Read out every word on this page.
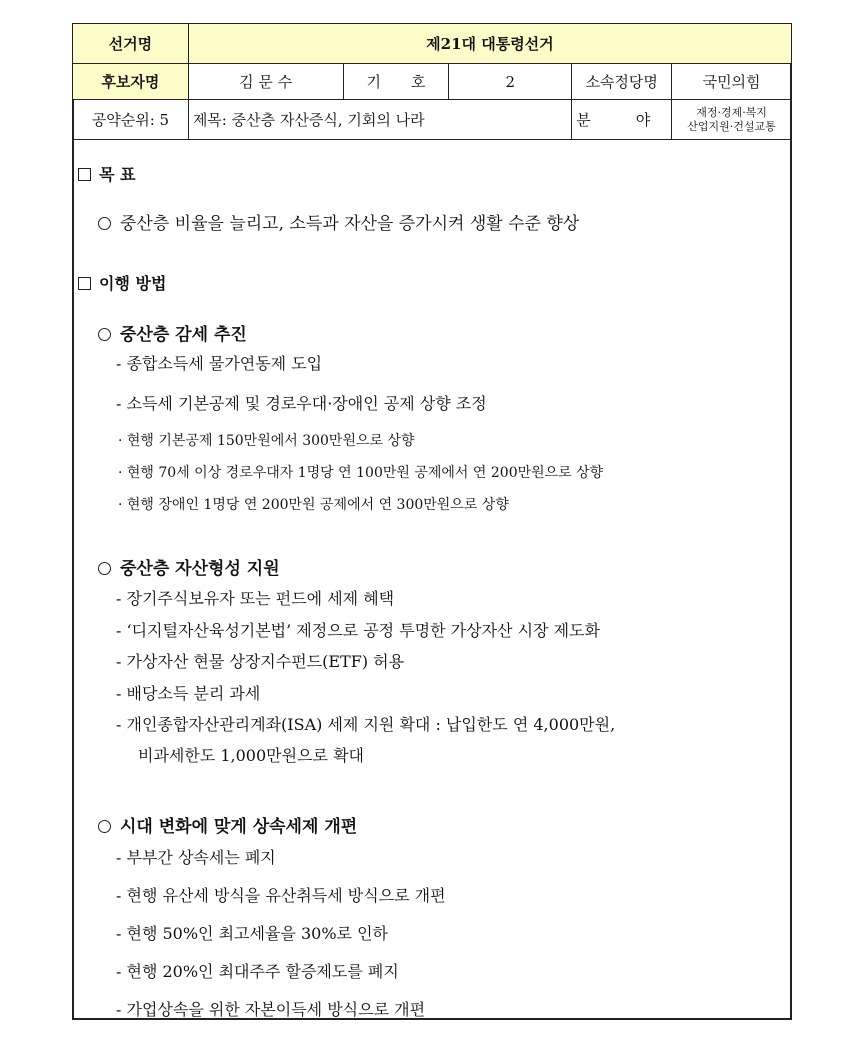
선거명	제21대 대통령선거				
후보자명	김 문 수	기　　호	2	소속정당명	국민의힘
공약순위: 5	제목: 중산층 자산증식, 기회의 나라			분　　　야	재정·경제·복지
산업지원·건설교통
목 표
중산층 비율을 늘리고, 소득과 자산을 증가시켜 생활 수준 향상
이행 방법
중산층 감세 추진
- 종합소득세 물가연동제 도입
- 소득세 기본공제 및 경로우대·장애인 공제 상향 조정
· 현행 기본공제 150만원에서 300만원으로 상향
· 현행 70세 이상 경로우대자 1명당 연 100만원 공제에서 연 200만원으로 상향
· 현행 장애인 1명당 연 200만원 공제에서 연 300만원으로 상향
중산층 자산형성 지원
- 장기주식보유자 또는 펀드에 세제 혜택
- ‘디지털자산육성기본법’ 제정으로 공정 투명한 가상자산 시장 제도화
- 가상자산 현물 상장지수펀드(ETF) 허용
- 배당소득 분리 과세
- 개인종합자산관리계좌(ISA) 세제 지원 확대 : 납입한도 연 4,000만원,
비과세한도 1,000만원으로 확대
시대 변화에 맞게 상속세제 개편
- 부부간 상속세는 폐지
- 현행 유산세 방식을 유산취득세 방식으로 개편
- 현행 50%인 최고세율을 30%로 인하
- 현행 20%인 최대주주 할증제도를 폐지
- 가업상속을 위한 자본이득세 방식으로 개편
